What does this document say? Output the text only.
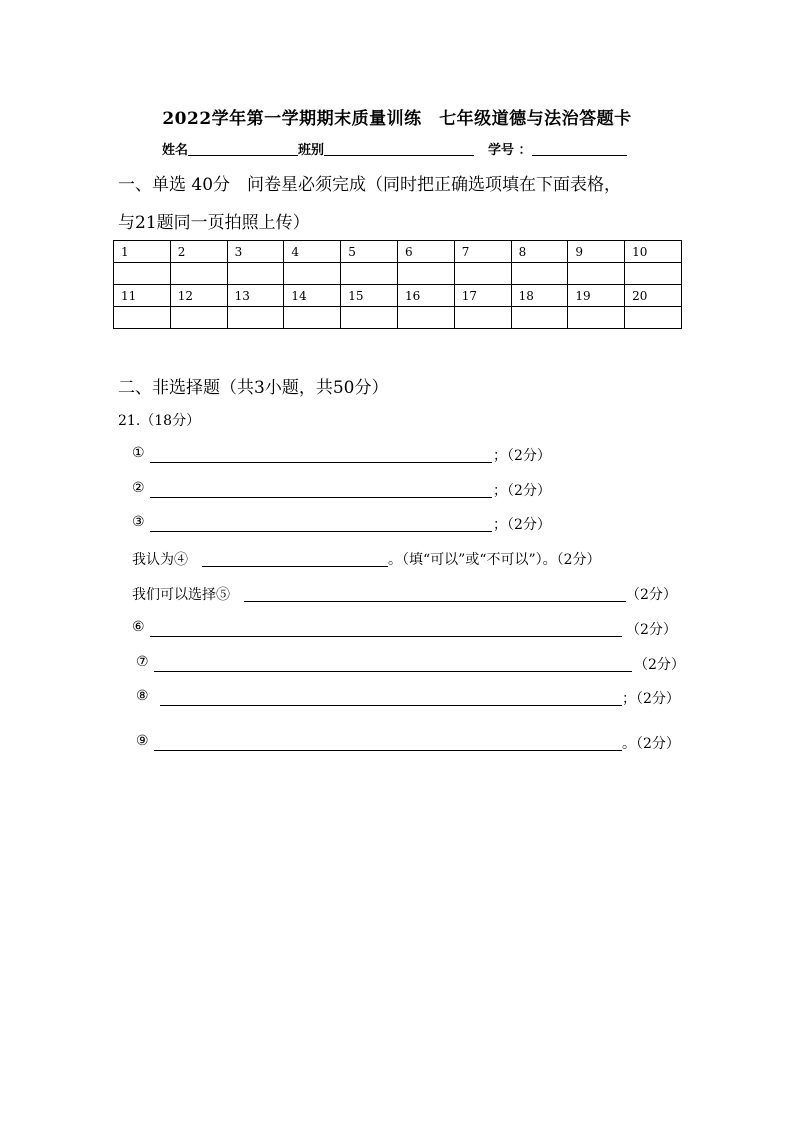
2022学年第一学期期末质量训练　七年级道德与法治答题卡
姓名	班别	学号 ：
一、单选 40分　问卷星必须完成（同时把正确选项填在下面表格，
与21题同一页拍照上传）
1	2	3	4	5	6	7	8	9	10

11	12	13	14	15	16	17	18	19	20

二、非选择题（共3小题，共50分）
21.（18分）
①	；（2分）
②	；（2分）
③	；（2分）
我认为④	。（填“可以”或“不可以”）。（2分）
我们可以选择⑤	（2分）
⑥	（2分）
⑦	（2分）
⑧	；（2分）
⑨	。（2分）
